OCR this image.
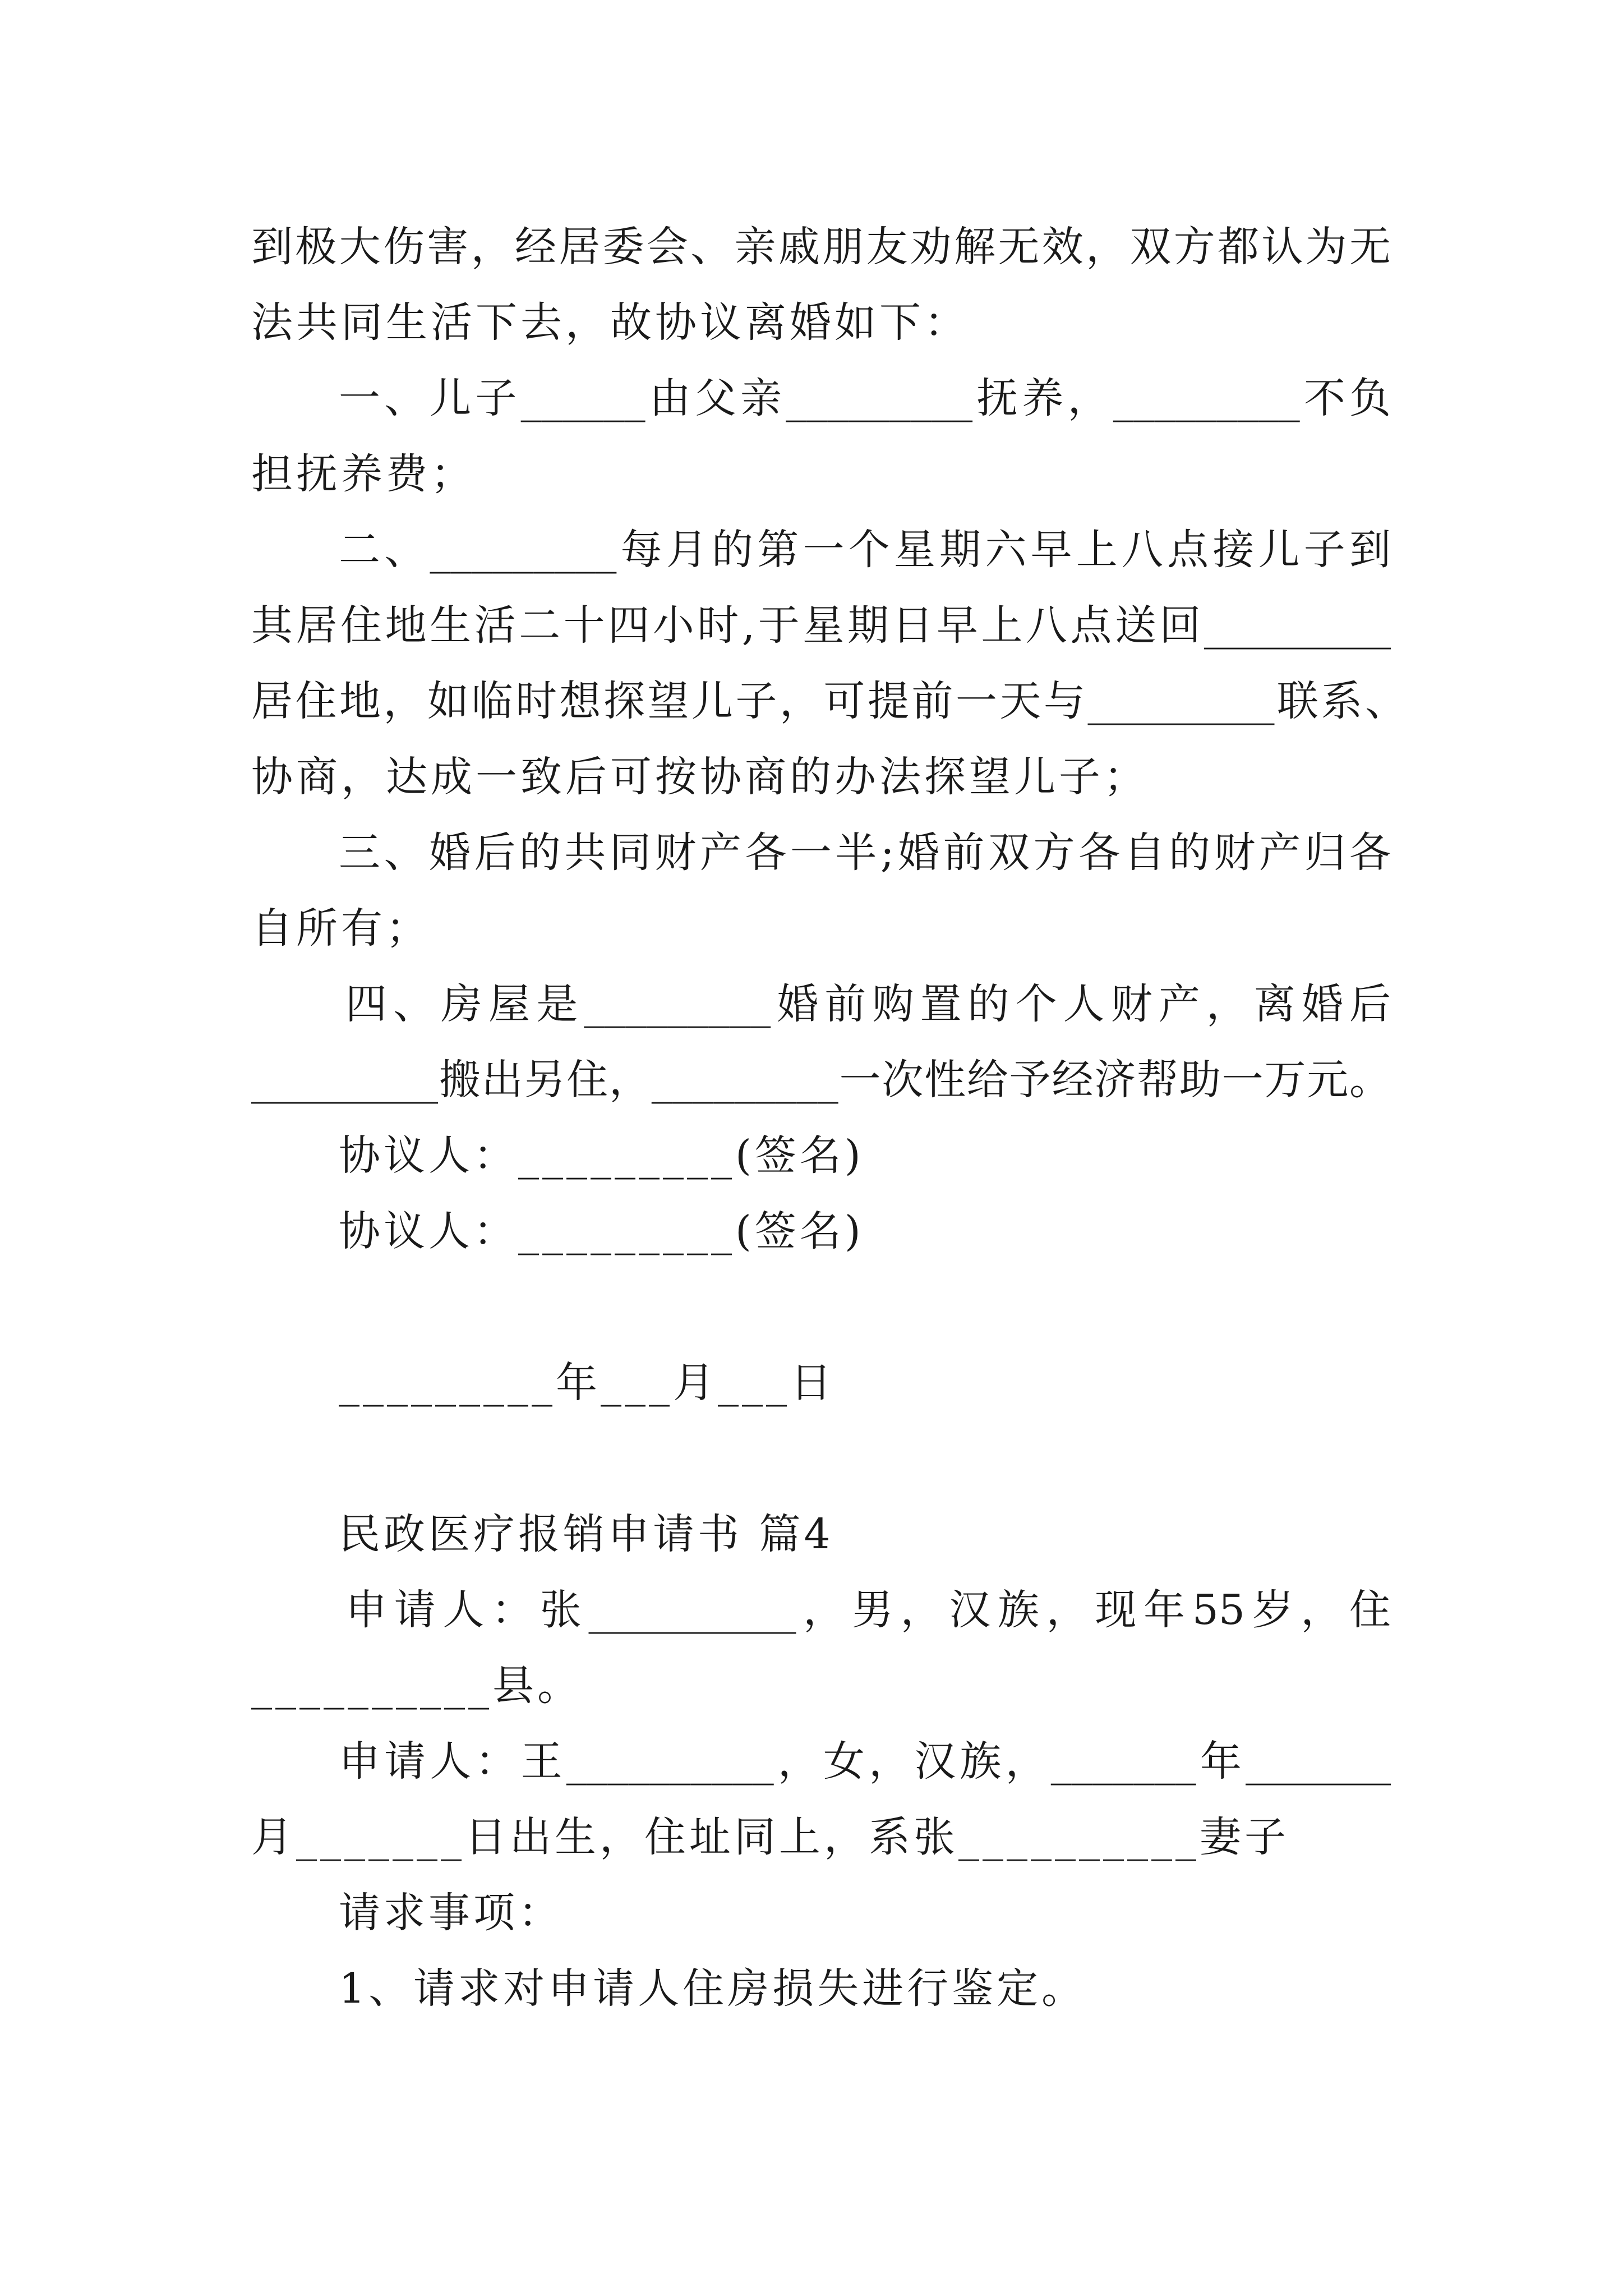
到极大伤害，经居委会、亲戚朋友劝解无效，双方都认为无
法共同生活下去，故协议离婚如下：
一、儿子______由父亲_________抚养，_________不负
担抚养费；
二、_________每月的第一个星期六早上八点接儿子到
其居住地生活二十四小时,于星期日早上八点送回_________
居住地，如临时想探望儿子，可提前一天与_________联系、
协商，达成一致后可按协商的办法探望儿子；
三、婚后的共同财产各一半;婚前双方各自的财产归各
自所有；
四、房屋是_________婚前购置的个人财产，离婚后
_________搬出另住，_________一次性给予经济帮助一万元。
协议人：_________(签名)
协议人：_________(签名)
_________年___月___日
民政医疗报销申请书 篇4
申请人：张__________，男，汉族，现年55岁，住
__________县。
申请人：王__________，女，汉族，_______年_______
月_______日出生，住址同上，系张__________妻子
请求事项：
1、请求对申请人住房损失进行鉴定。
